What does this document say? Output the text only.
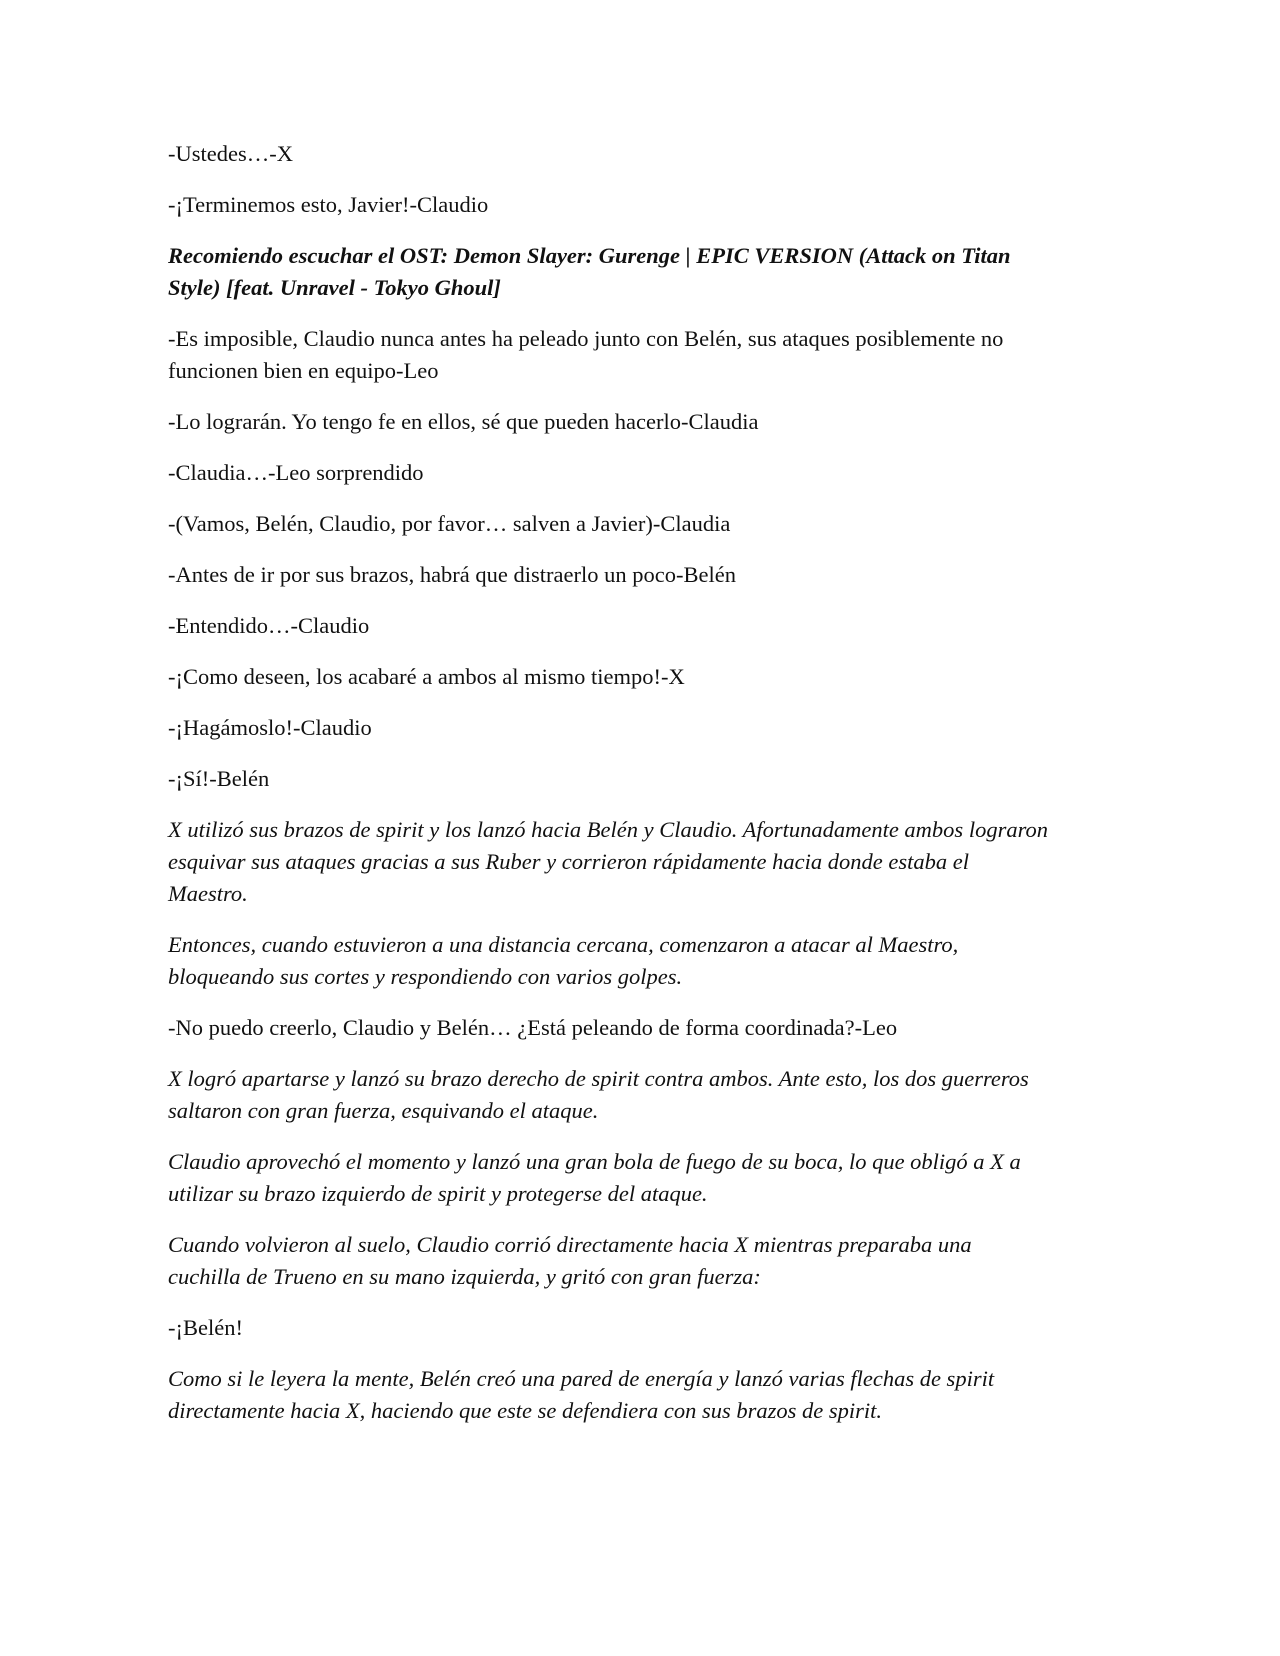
-Ustedes…-X

-¡Terminemos esto, Javier!-Claudio

Recomiendo escuchar el OST: Demon Slayer: Gurenge | EPIC VERSION (Attack on Titan Style) [feat. Unravel - Tokyo Ghoul]

-Es imposible, Claudio nunca antes ha peleado junto con Belén, sus ataques posiblemente no funcionen bien en equipo-Leo

-Lo lograrán. Yo tengo fe en ellos, sé que pueden hacerlo-Claudia

-Claudia…-Leo sorprendido

-(Vamos, Belén, Claudio, por favor… salven a Javier)-Claudia

-Antes de ir por sus brazos, habrá que distraerlo un poco-Belén

-Entendido…-Claudio

-¡Como deseen, los acabaré a ambos al mismo tiempo!-X

-¡Hagámoslo!-Claudio

-¡Sí!-Belén

X utilizó sus brazos de spirit y los lanzó hacia Belén y Claudio. Afortunadamente ambos lograron esquivar sus ataques gracias a sus Ruber y corrieron rápidamente hacia donde estaba el Maestro.

Entonces, cuando estuvieron a una distancia cercana, comenzaron a atacar al Maestro, bloqueando sus cortes y respondiendo con varios golpes.

-No puedo creerlo, Claudio y Belén… ¿Está peleando de forma coordinada?-Leo

X logró apartarse y lanzó su brazo derecho de spirit contra ambos. Ante esto, los dos guerreros saltaron con gran fuerza, esquivando el ataque.

Claudio aprovechó el momento y lanzó una gran bola de fuego de su boca, lo que obligó a X a utilizar su brazo izquierdo de spirit y protegerse del ataque.

Cuando volvieron al suelo, Claudio corrió directamente hacia X mientras preparaba una cuchilla de Trueno en su mano izquierda, y gritó con gran fuerza:

-¡Belén!

Como si le leyera la mente, Belén creó una pared de energía y lanzó varias flechas de spirit directamente hacia X, haciendo que este se defendiera con sus brazos de spirit.
